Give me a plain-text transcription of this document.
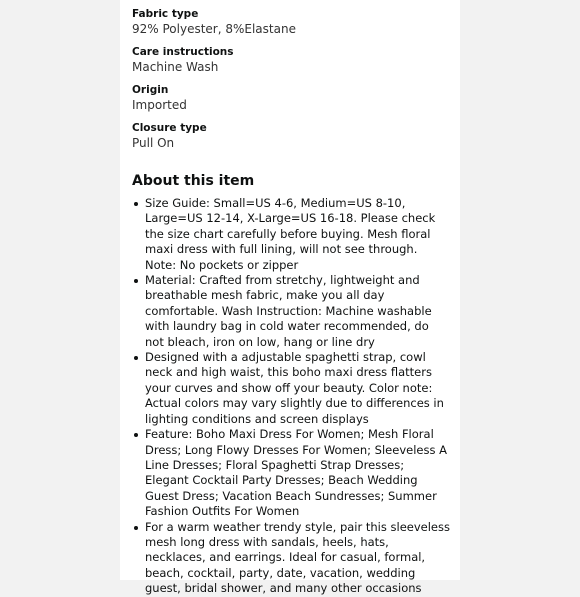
Fabric type
92% Polyester, 8%Elastane
Care instructions
Machine Wash
Origin
Imported
Closure type
Pull On
About this item
Size Guide: Small=US 4-6, Medium=US 8-10, Large=US 12-14, X-Large=US 16-18. Please check the size chart carefully before buying. Mesh floral maxi dress with full lining, will not see through. Note: No pockets or zipper
Material: Crafted from stretchy, lightweight and breathable mesh fabric, make you all day comfortable. Wash Instruction: Machine washable with laundry bag in cold water recommended, do not bleach, iron on low, hang or line dry
Designed with a adjustable spaghetti strap, cowl neck and high waist, this boho maxi dress flatters your curves and show off your beauty. Color note: Actual colors may vary slightly due to differences in lighting conditions and screen displays
Feature: Boho Maxi Dress For Women; Mesh Floral Dress; Long Flowy Dresses For Women; Sleeveless A Line Dresses; Floral Spaghetti Strap Dresses; Elegant Cocktail Party Dresses; Beach Wedding Guest Dress; Vacation Beach Sundresses; Summer Fashion Outfits For Women
For a warm weather trendy style, pair this sleeveless mesh long dress with sandals, heels, hats, necklaces, and earrings. Ideal for casual, formal, beach, cocktail, party, date, vacation, wedding guest, bridal shower, and many other occasions
